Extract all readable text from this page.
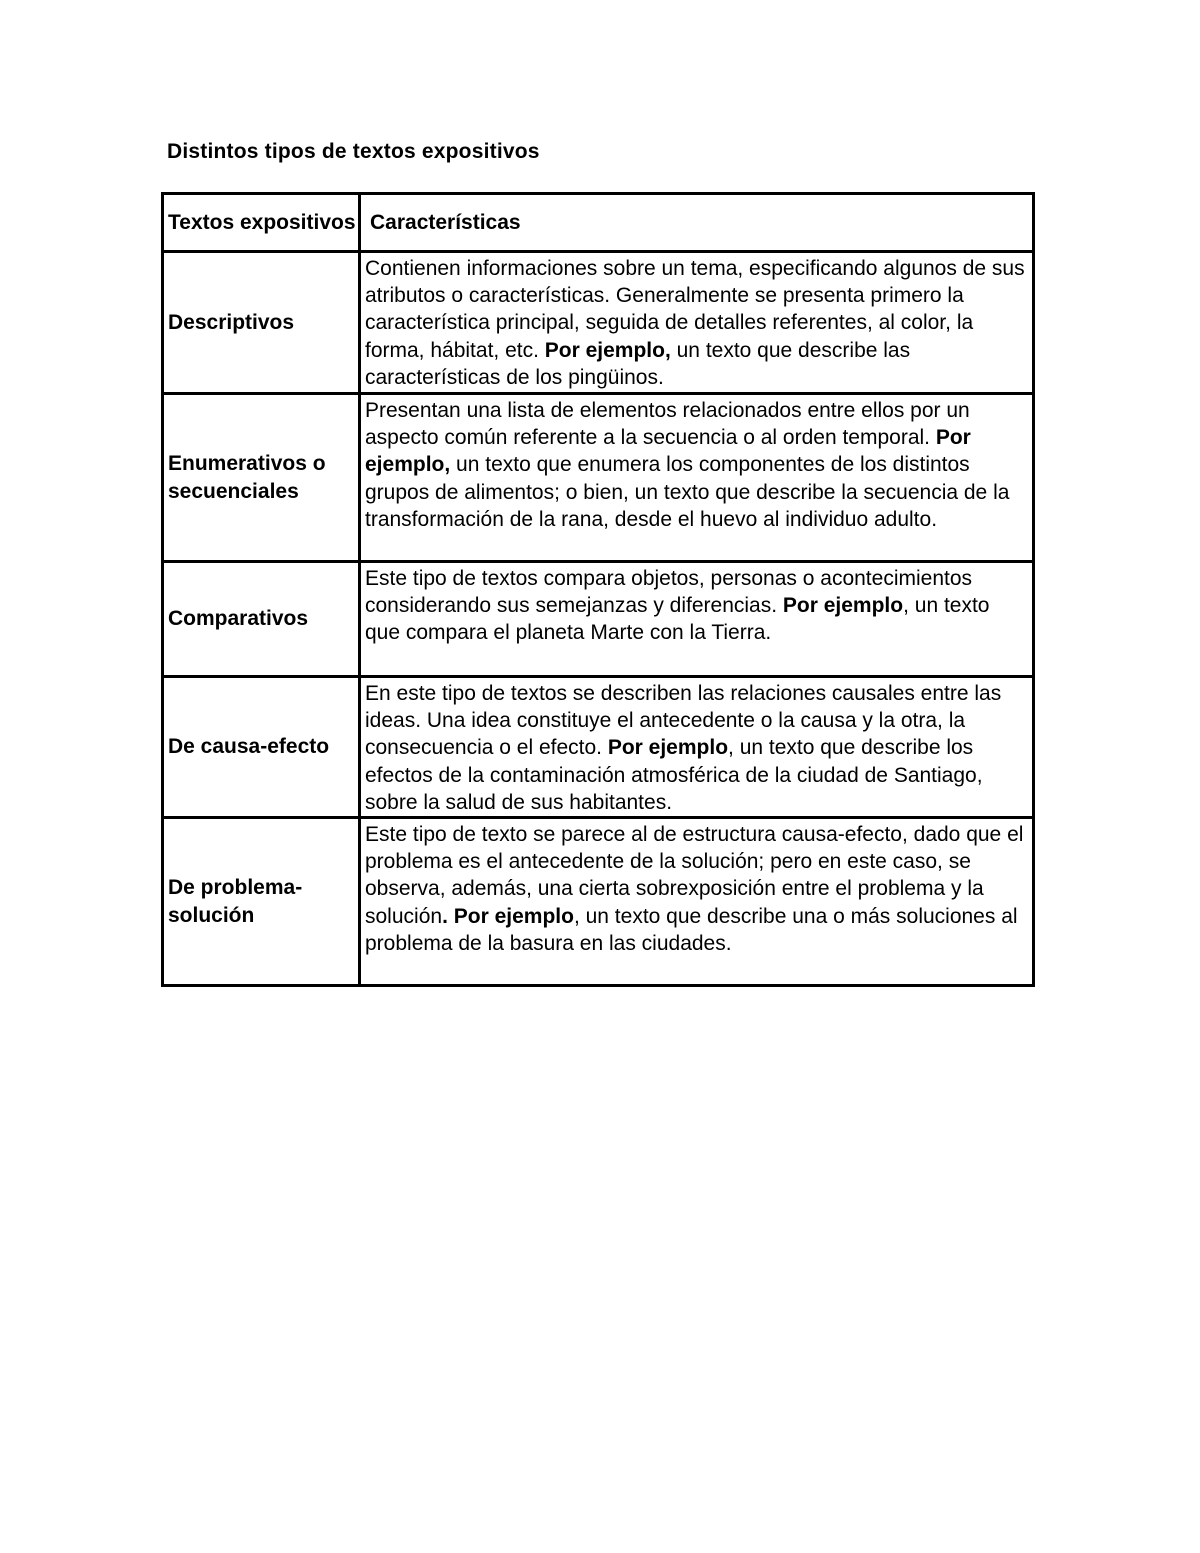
Distintos tipos de textos expositivos
Textos expositivos	Características
Descriptivos	Contienen informaciones sobre un tema, especificando algunos de sus atributos o características. Generalmente se presenta primero la característica principal, seguida de detalles referentes, al color, la forma, hábitat, etc. Por ejemplo, un texto que describe las características de los pingüinos.
Enumerativos o secuenciales	Presentan una lista de elementos relacionados entre ellos por un aspecto común referente a la secuencia o al orden temporal. Por ejemplo, un texto que enumera los componentes de los distintos grupos de alimentos; o bien, un texto que describe la secuencia de la transformación de la rana, desde el huevo al individuo adulto.
Comparativos	Este tipo de textos compara objetos, personas o acontecimientos considerando sus semejanzas y diferencias. Por ejemplo, un texto que compara el planeta Marte con la Tierra.
De causa-efecto	En este tipo de textos se describen las relaciones causales entre las ideas. Una idea constituye el antecedente o la causa y la otra, la consecuencia o el efecto. Por ejemplo, un texto que describe los efectos de la contaminación atmosférica de la ciudad de Santiago, sobre la salud de sus habitantes.
De problema-solución	Este tipo de texto se parece al de estructura causa-efecto, dado que el problema es el antecedente de la solución; pero en este caso, se observa, además, una cierta sobrexposición entre el problema y la solución. Por ejemplo, un texto que describe una o más soluciones al problema de la basura en las ciudades.
